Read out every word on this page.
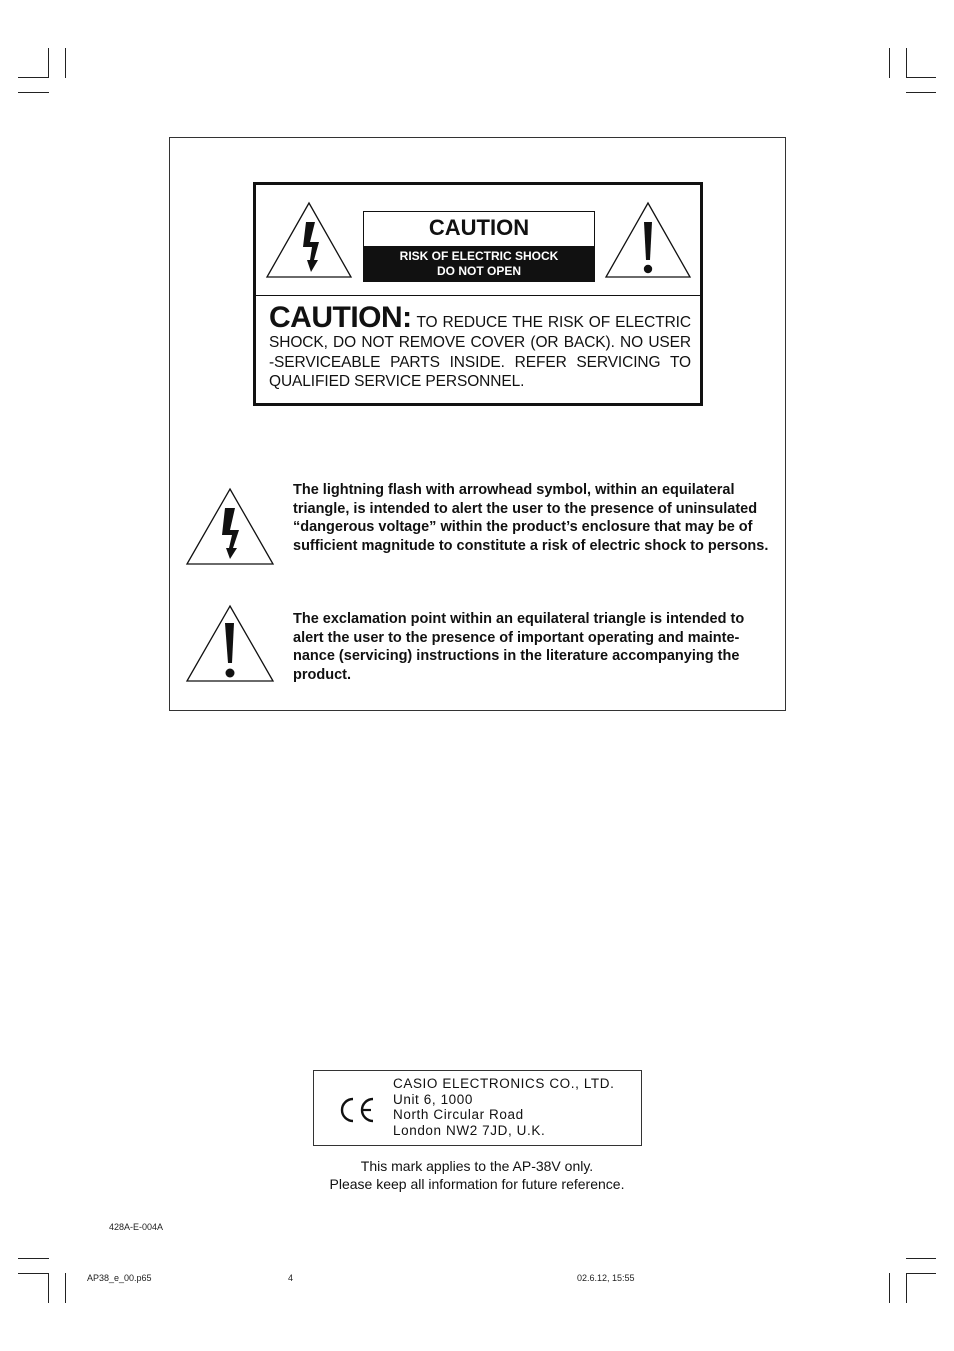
CAUTION
RISK OF ELECTRIC SHOCK
DO NOT OPEN
CAUTION: TO REDUCE THE RISK OF ELECTRIC SHOCK, DO NOT REMOVE COVER (OR BACK). NO USER -SERVICEABLE PARTS INSIDE. REFER SERVICING TO QUALIFIED SERVICE PERSONNEL.
The lightning flash with arrowhead symbol, within an equilateral triangle, is intended to alert the user to the presence of uninsulated “dangerous voltage” within the product’s enclosure that may be of sufficient magnitude to constitute a risk of electric shock to persons.
The exclamation point within an equilateral triangle is intended to alert the user to the presence of important operating and mainte-nance (servicing) instructions in the literature accompanying the product.
CASIO ELECTRONICS CO., LTD.
Unit 6, 1000
North Circular Road
London NW2 7JD, U.K.
This mark applies to the AP-38V only.
Please keep all information for future reference.
428A-E-004A
AP38_e_00.p65	4	02.6.12, 15:55
